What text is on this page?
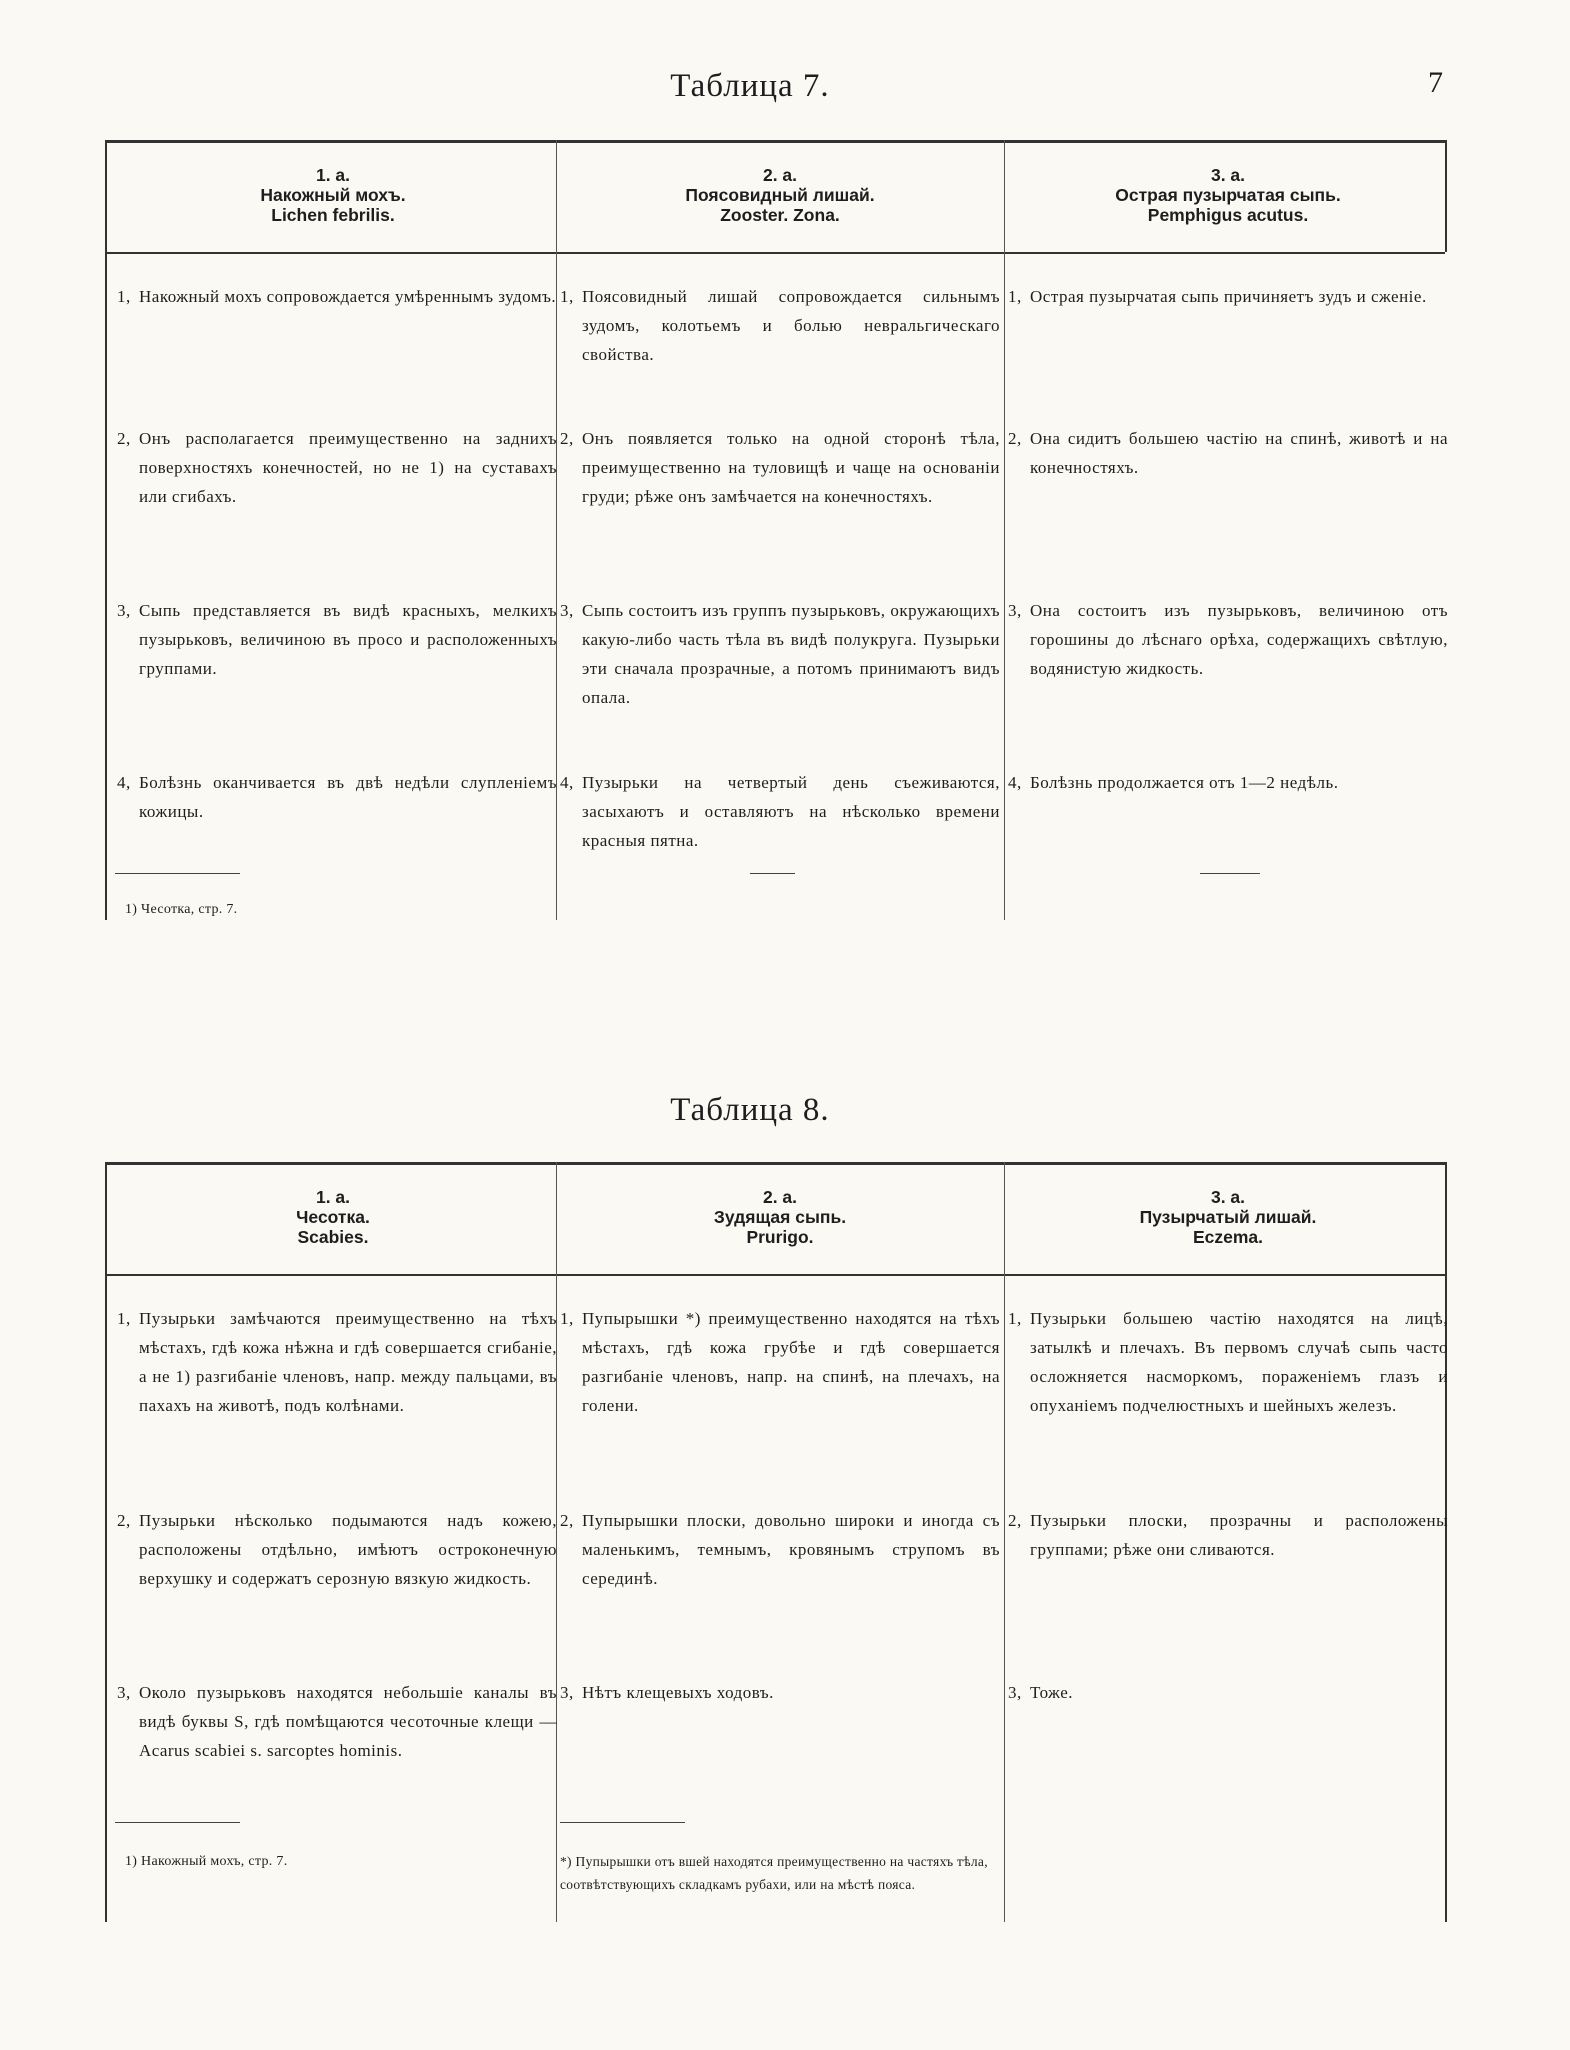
7
Таблица 7.
1. а.
Накожный мохъ.
Lichen febrilis.
2. а.
Поясовидный лишай.
Zooster. Zona.
3. а.
Острая пузырчатая сыпь.
Pemphigus acutus.
1, Накожный мохъ сопровождается умѣреннымъ зудомъ.
2, Онъ располагается преимущественно на заднихъ поверхностяхъ конечностей, но не 1) на суставахъ или сгибахъ.
3, Сыпь представляется въ видѣ красныхъ, мелкихъ пузырьковъ, величиною въ просо и расположенныхъ группами.
4, Болѣзнь оканчивается въ двѣ недѣли слупленіемъ кожицы.
1) Чесотка, стр. 7.
1, Поясовидный лишай сопровождается сильнымъ зудомъ, колотьемъ и болью невральгическаго свойства.
2, Онъ появляется только на одной сторонѣ тѣла, преимущественно на туловищѣ и чаще на основаніи груди; рѣже онъ замѣчается на конечностяхъ.
3, Сыпь состоитъ изъ группъ пузырьковъ, окружающихъ какую-либо часть тѣла въ видѣ полукруга. Пузырьки эти сначала прозрачные, а потомъ принимаютъ видъ опала.
4, Пузырьки на четвертый день съеживаются, засыхаютъ и оставляютъ на нѣсколько времени красныя пятна.
1, Острая пузырчатая сыпь причиняетъ зудъ и сженіе.
2, Она сидитъ большею частію на спинѣ, животѣ и на конечностяхъ.
3, Она состоитъ изъ пузырьковъ, величиною отъ горошины до лѣснаго орѣха, содержащихъ свѣтлую, водянистую жидкость.
4, Болѣзнь продолжается отъ 1—2 недѣль.
Таблица 8.
1. а.
Чесотка.
Scabies.
2. а.
Зудящая сыпь.
Prurigo.
3. а.
Пузырчатый лишай.
Eczema.
1, Пузырьки замѣчаются преимущественно на тѣхъ мѣстахъ, гдѣ кожа нѣжна и гдѣ совершается сгибаніе, а не 1) разгибаніе членовъ, напр. между пальцами, въ пахахъ на животѣ, подъ колѣнами.
2, Пузырьки нѣсколько подымаются надъ кожею, расположены отдѣльно, имѣютъ остроконечную верхушку и содержатъ серозную вязкую жидкость.
3, Около пузырьковъ находятся небольшіе каналы въ видѣ буквы S, гдѣ помѣщаются чесоточные клещи — Acarus scabiei s. sarcoptes hominis.
1) Накожный мохъ, стр. 7.
1, Пупырышки *) преимущественно находятся на тѣхъ мѣстахъ, гдѣ кожа грубѣе и гдѣ совершается разгибаніе членовъ, напр. на спинѣ, на плечахъ, на голени.
2, Пупырышки плоски, довольно широки и иногда съ маленькимъ, темнымъ, кровянымъ струпомъ въ серединѣ.
3, Нѣтъ клещевыхъ ходовъ.
*) Пупырышки отъ вшей находятся преимущественно на частяхъ тѣла, соотвѣтствующихъ складкамъ рубахи, или на мѣстѣ пояса.
1, Пузырьки большею частію находятся на лицѣ, затылкѣ и плечахъ. Въ первомъ случаѣ сыпь часто осложняется насморкомъ, пораженіемъ глазъ и опуханіемъ подчелюстныхъ и шейныхъ железъ.
2, Пузырьки плоски, прозрачны и расположены группами; рѣже они сливаются.
3, Тоже.
